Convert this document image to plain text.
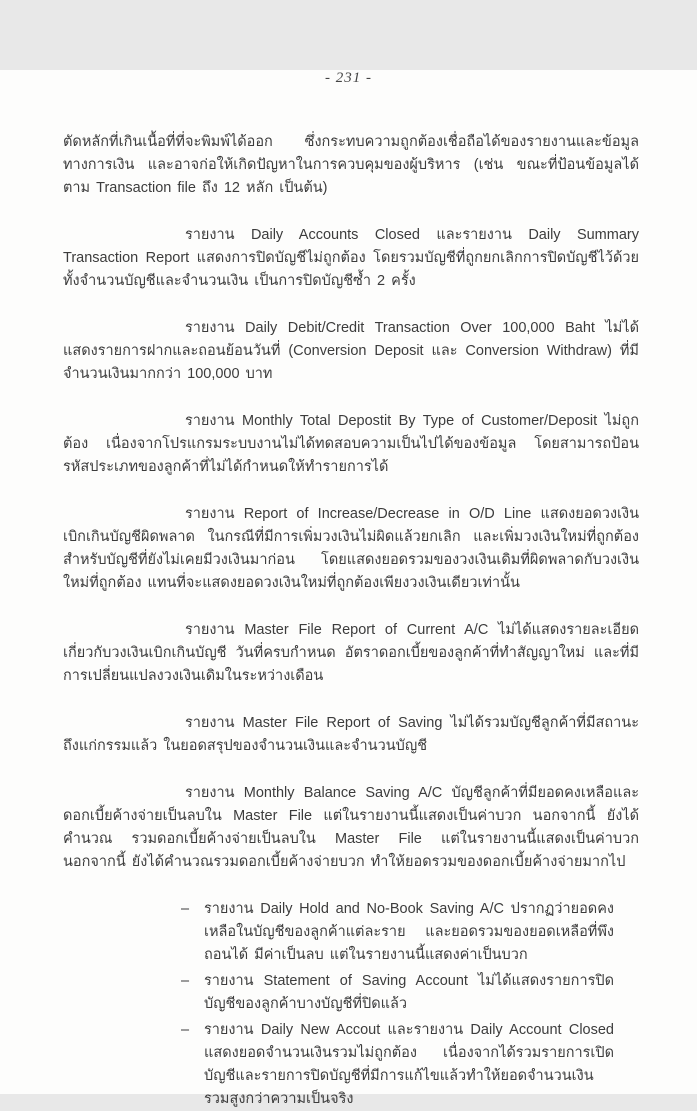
- 231 -

ตัดหลักที่เกินเนื้อที่ที่จะพิมพ์ได้ออก ซึ่งกระทบความถูกต้องเชื่อถือได้ของรายงานและข้อมูลทางการเงิน และอาจก่อให้เกิดปัญหาในการควบคุมของผู้บริหาร (เช่น ขณะที่ป้อนข้อมูลได้ตาม Transaction file ถึง 12 หลัก เป็นต้น)

รายงาน Daily Accounts Closed และรายงาน Daily Summary Transaction Report แสดงการปิดบัญชีไม่ถูกต้อง โดยรวมบัญชีที่ถูกยกเลิกการปิดบัญชีไว้ด้วยทั้งจำนวนบัญชีและจำนวนเงิน เป็นการปิดบัญชีซ้ำ 2 ครั้ง

รายงาน Daily Debit/Credit Transaction Over 100,000 Baht ไม่ได้แสดงรายการฝากและถอนย้อนวันที่ (Conversion Deposit และ Conversion Withdraw) ที่มีจำนวนเงินมากกว่า 100,000 บาท

รายงาน Monthly Total Depostit By Type of Customer/Deposit ไม่ถูกต้อง เนื่องจากโปรแกรมระบบงานไม่ได้ทดสอบความเป็นไปได้ของข้อมูล โดยสามารถป้อนรหัสประเภทของลูกค้าที่ไม่ได้กำหนดให้ทำรายการได้

รายงาน Report of Increase/Decrease in O/D Line แสดงยอดวงเงินเบิกเกินบัญชีผิดพลาด ในกรณีที่มีการเพิ่มวงเงินไม่ผิดแล้วยกเลิก และเพิ่มวงเงินใหม่ที่ถูกต้อง สำหรับบัญชีที่ยังไม่เคยมีวงเงินมาก่อน โดยแสดงยอดรวมของวงเงินเดิมที่ผิดพลาดกับวงเงินใหม่ที่ถูกต้อง แทนที่จะแสดงยอดวงเงินใหม่ที่ถูกต้องเพียงวงเงินเดียวเท่านั้น

รายงาน Master File Report of Current A/C ไม่ได้แสดงรายละเอียดเกี่ยวกับวงเงินเบิกเกินบัญชี วันที่ครบกำหนด อัตราดอกเบี้ยของลูกค้าที่ทำสัญญาใหม่ และที่มีการเปลี่ยนแปลงวงเงินเดิมในระหว่างเดือน

รายงาน Master File Report of Saving ไม่ได้รวมบัญชีลูกค้าที่มีสถานะถึงแก่กรรมแล้ว ในยอดสรุปของจำนวนเงินและจำนวนบัญชี

รายงาน Monthly Balance Saving A/C บัญชีลูกค้าที่มียอดคงเหลือและดอกเบี้ยค้างจ่ายเป็นลบใน Master File แต่ในรายงานนี้แสดงเป็นค่าบวก นอกจากนี้ ยังได้คำนวณ รวมดอกเบี้ยค้างจ่ายเป็นลบใน Master File แต่ในรายงานนี้แสดงเป็นค่าบวก นอกจากนี้ ยังได้คำนวณรวมดอกเบี้ยค้างจ่ายบวก ทำให้ยอดรวมของดอกเบี้ยค้างจ่ายมากไป

–	รายงาน Daily Hold and No-Book Saving A/C ปรากฏว่ายอดคงเหลือในบัญชีของลูกค้าแต่ละราย และยอดรวมของยอดเหลือที่พึงถอนได้ มีค่าเป็นลบ แต่ในรายงานนี้แสดงค่าเป็นบวก
–	รายงาน Statement of Saving Account ไม่ได้แสดงรายการปิดบัญชีของลูกค้าบางบัญชีที่ปิดแล้ว
–	รายงาน Daily New Accout และรายงาน Daily Account Closed แสดงยอดจำนวนเงินรวมไม่ถูกต้อง เนื่องจากได้รวมรายการเปิดบัญชีและรายการปิดบัญชีที่มีการแก้ไขแล้วทำให้ยอดจำนวนเงินรวมสูงกว่าความเป็นจริง
